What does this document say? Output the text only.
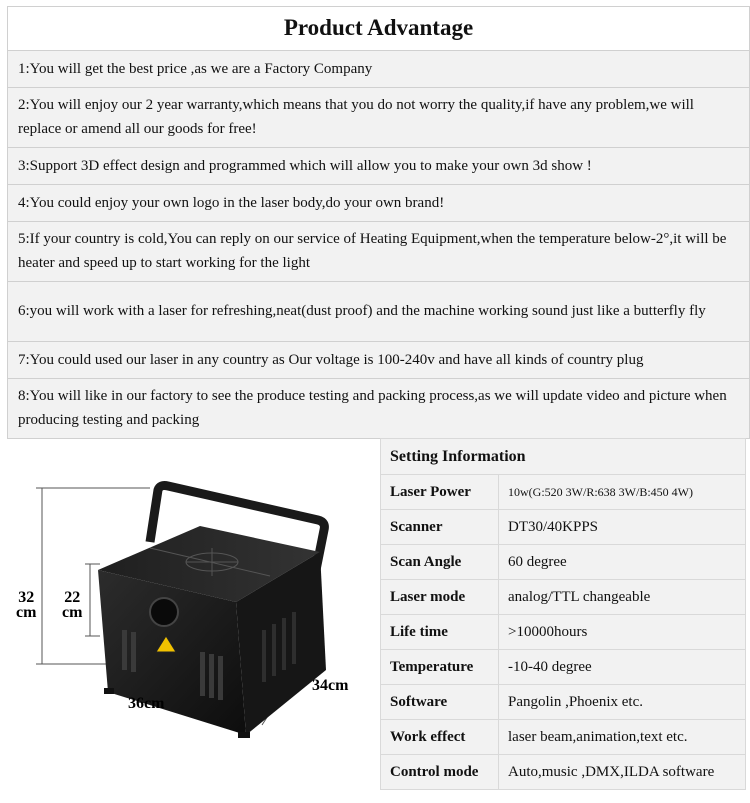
Product Advantage
1:You will get the best price ,as we are a Factory Company
2:You will enjoy our 2 year warranty,which means that you do not worry the quality,if have any problem,we will replace or amend all our goods for free!
3:Support 3D effect design and programmed which will allow you to make your own 3d show !
4:You could enjoy your own logo in the laser body,do your own brand!
5:If your country is cold,You can reply on our service of Heating Equipment,when the temperature below-2°,it will be heater and speed up to start working for the light
6:you will work with a laser for refreshing,neat(dust proof) and the machine working sound just like a butterfly fly
7:You could used our laser in any country as Our voltage is 100-240v and have all kinds of country plug
8:You will like in our factory to see the produce testing and packing process,as we will update video and picture when producing testing and packing
32
cm
22
cm
36cm
34cm
Setting Information	
Laser Power	10w(G:520 3W/R:638 3W/B:450 4W)
Scanner	DT30/40KPPS
Scan Angle	60 degree
Laser mode	analog/TTL changeable
Life time	>10000hours
Temperature	-10-40 degree
Software	Pangolin ,Phoenix etc.
Work effect	laser beam,animation,text etc.
Control mode	Auto,music ,DMX,ILDA software
